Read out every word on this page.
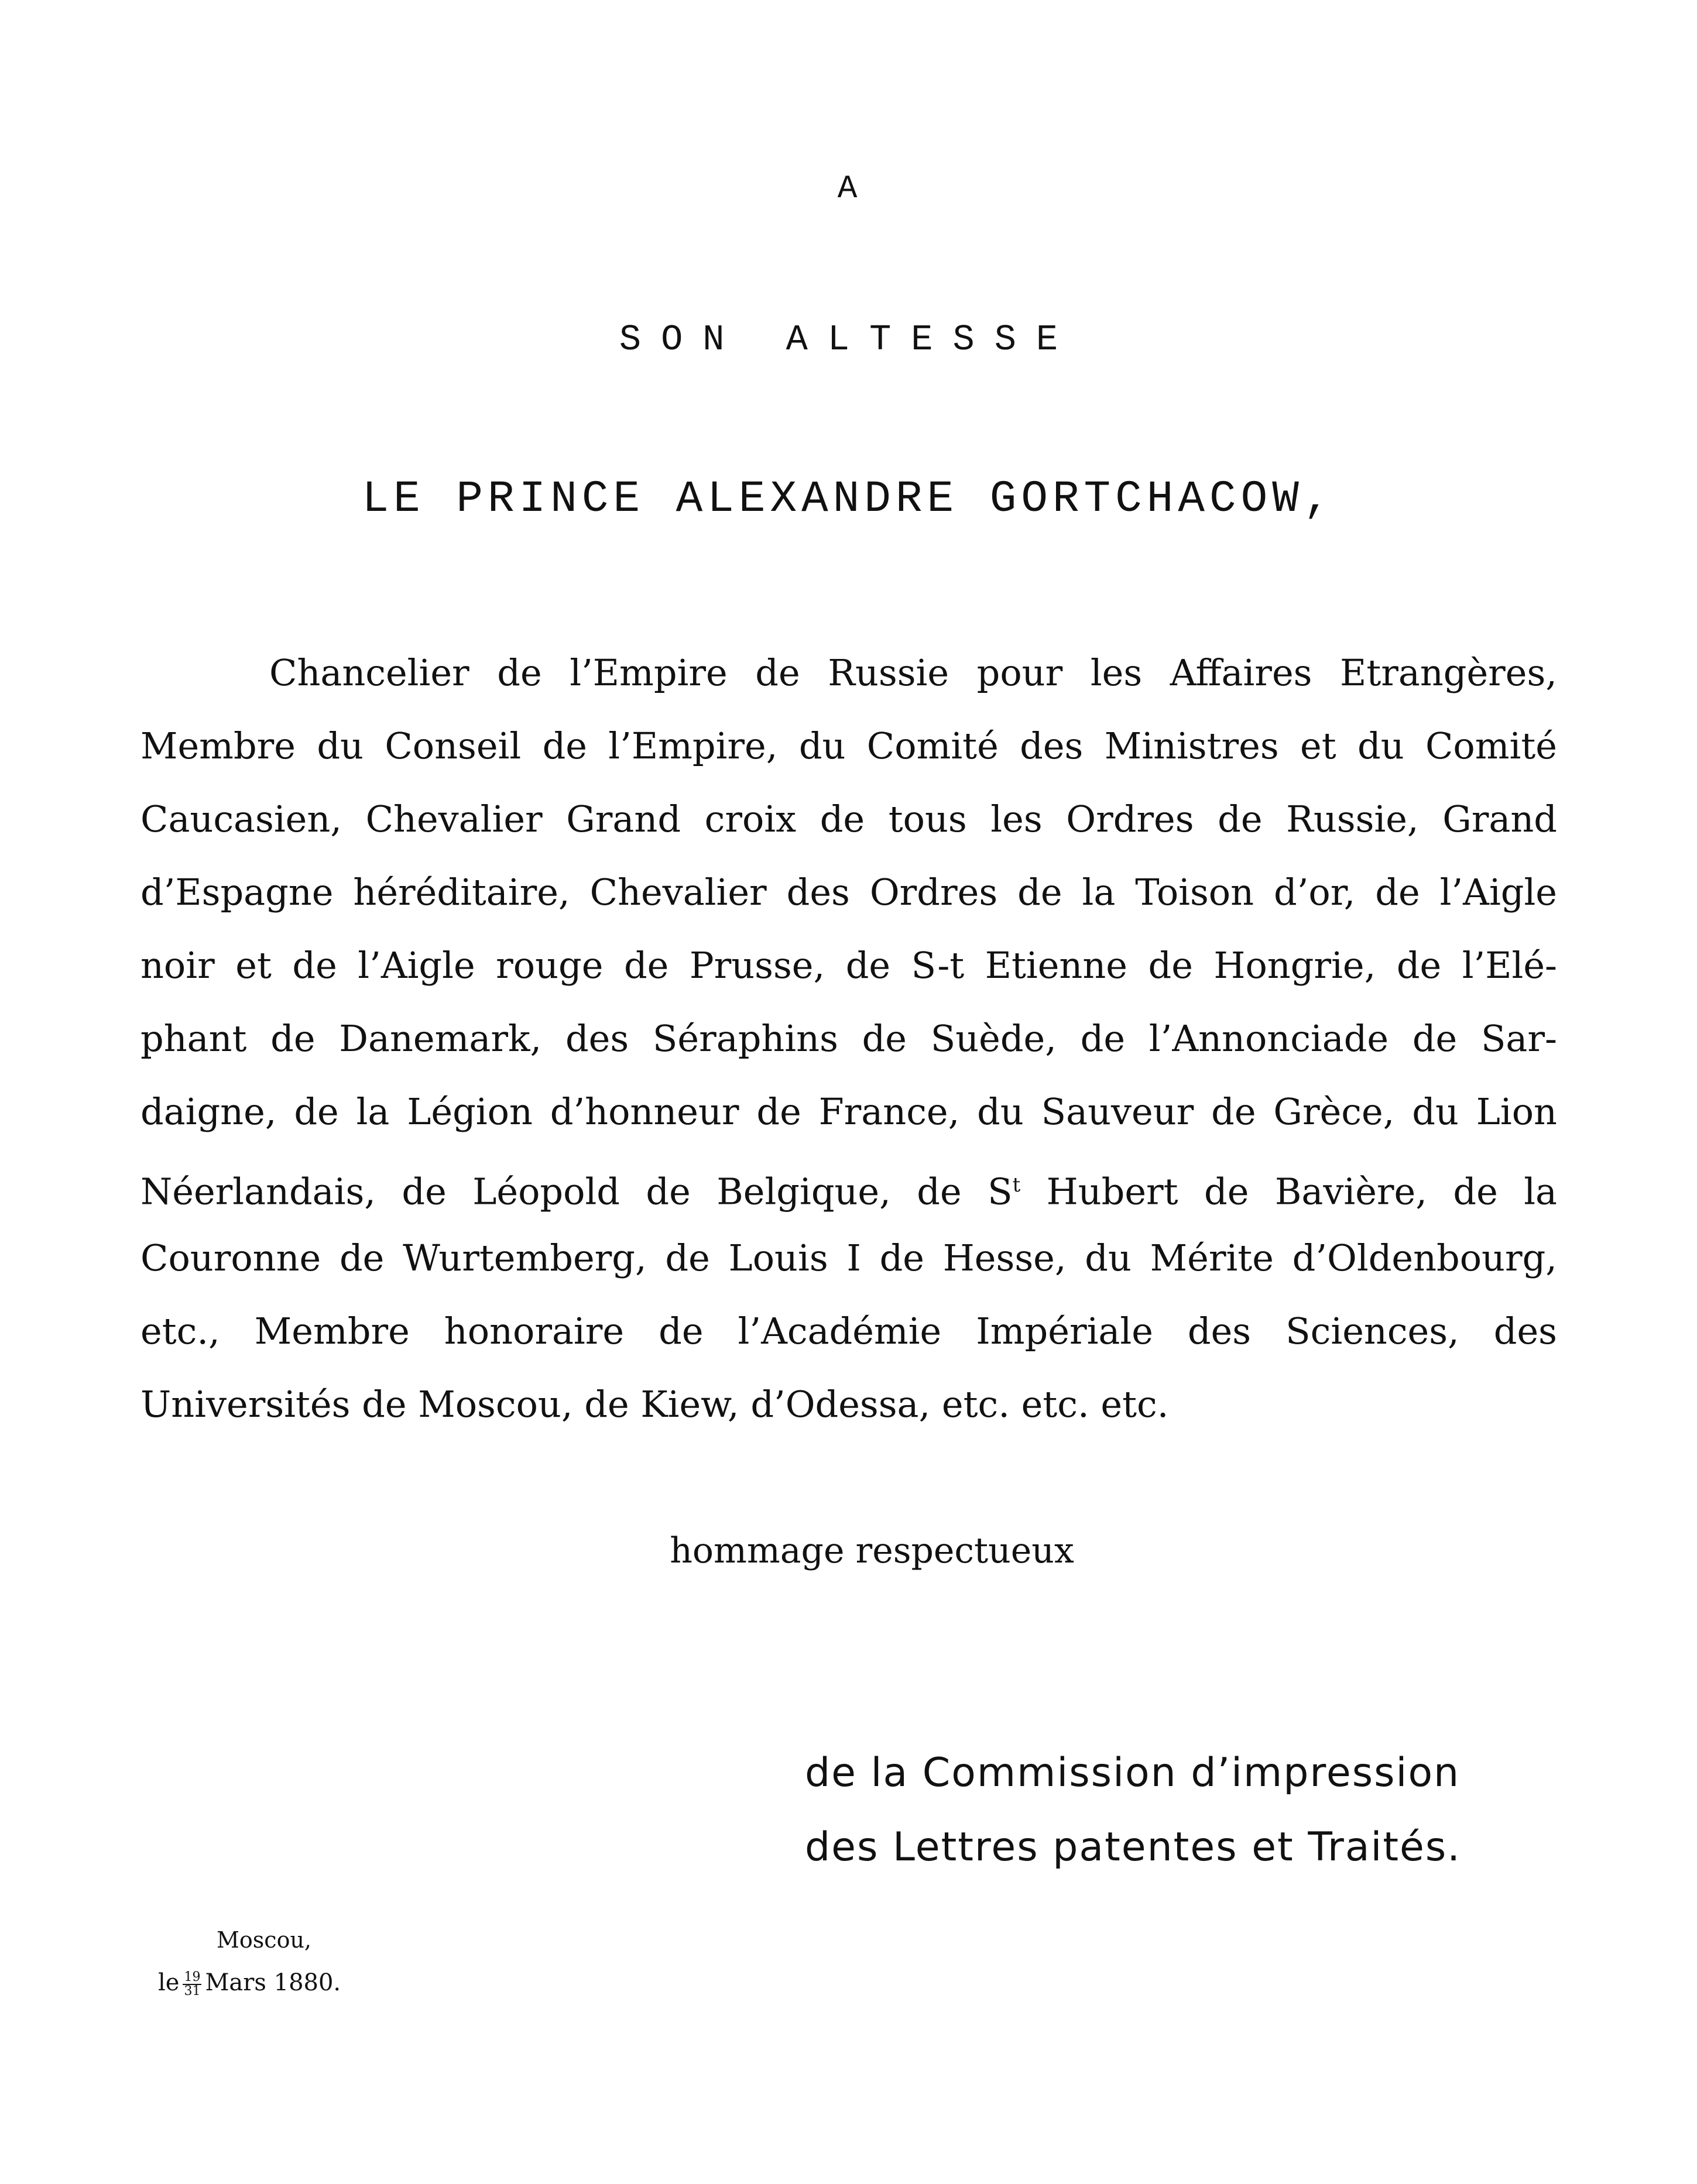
A
SON ALTESSE
LE PRINCE ALEXANDRE GORTCHACOW,
Chancelier de l’Empire de Russie pour les Affaires Etrangères,
Membre du Conseil de l’Empire, du Comité des Ministres et du Comité
Caucasien, Chevalier Grand croix de tous les Ordres de Russie, Grand
d’Espagne héréditaire, Chevalier des Ordres de la Toison d’or, de l’Aigle
noir et de l’Aigle rouge de Prusse, de S-t Etienne de Hongrie, de l’Elé-
phant de Danemark, des Séraphins de Suède, de l’Annonciade de Sar-
daigne, de la Légion d’honneur de France, du Sauveur de Grèce, du Lion
Néerlandais, de Léopold de Belgique, de $S^t$ Hubert de Bavière, de la
Couronne de Wurtemberg, de Louis I de Hesse, du Mérite d’Oldenbourg,
etc., Membre honoraire de l’Académie Impériale des Sciences, des
Universités de Moscou, de Kiew, d’Odessa, etc. etc. etc.
hommage respectueux
de la Commission d’impression
des Lettres patentes et Traités.
Moscou,
le $\frac{19}{31}$ Mars 1880.
